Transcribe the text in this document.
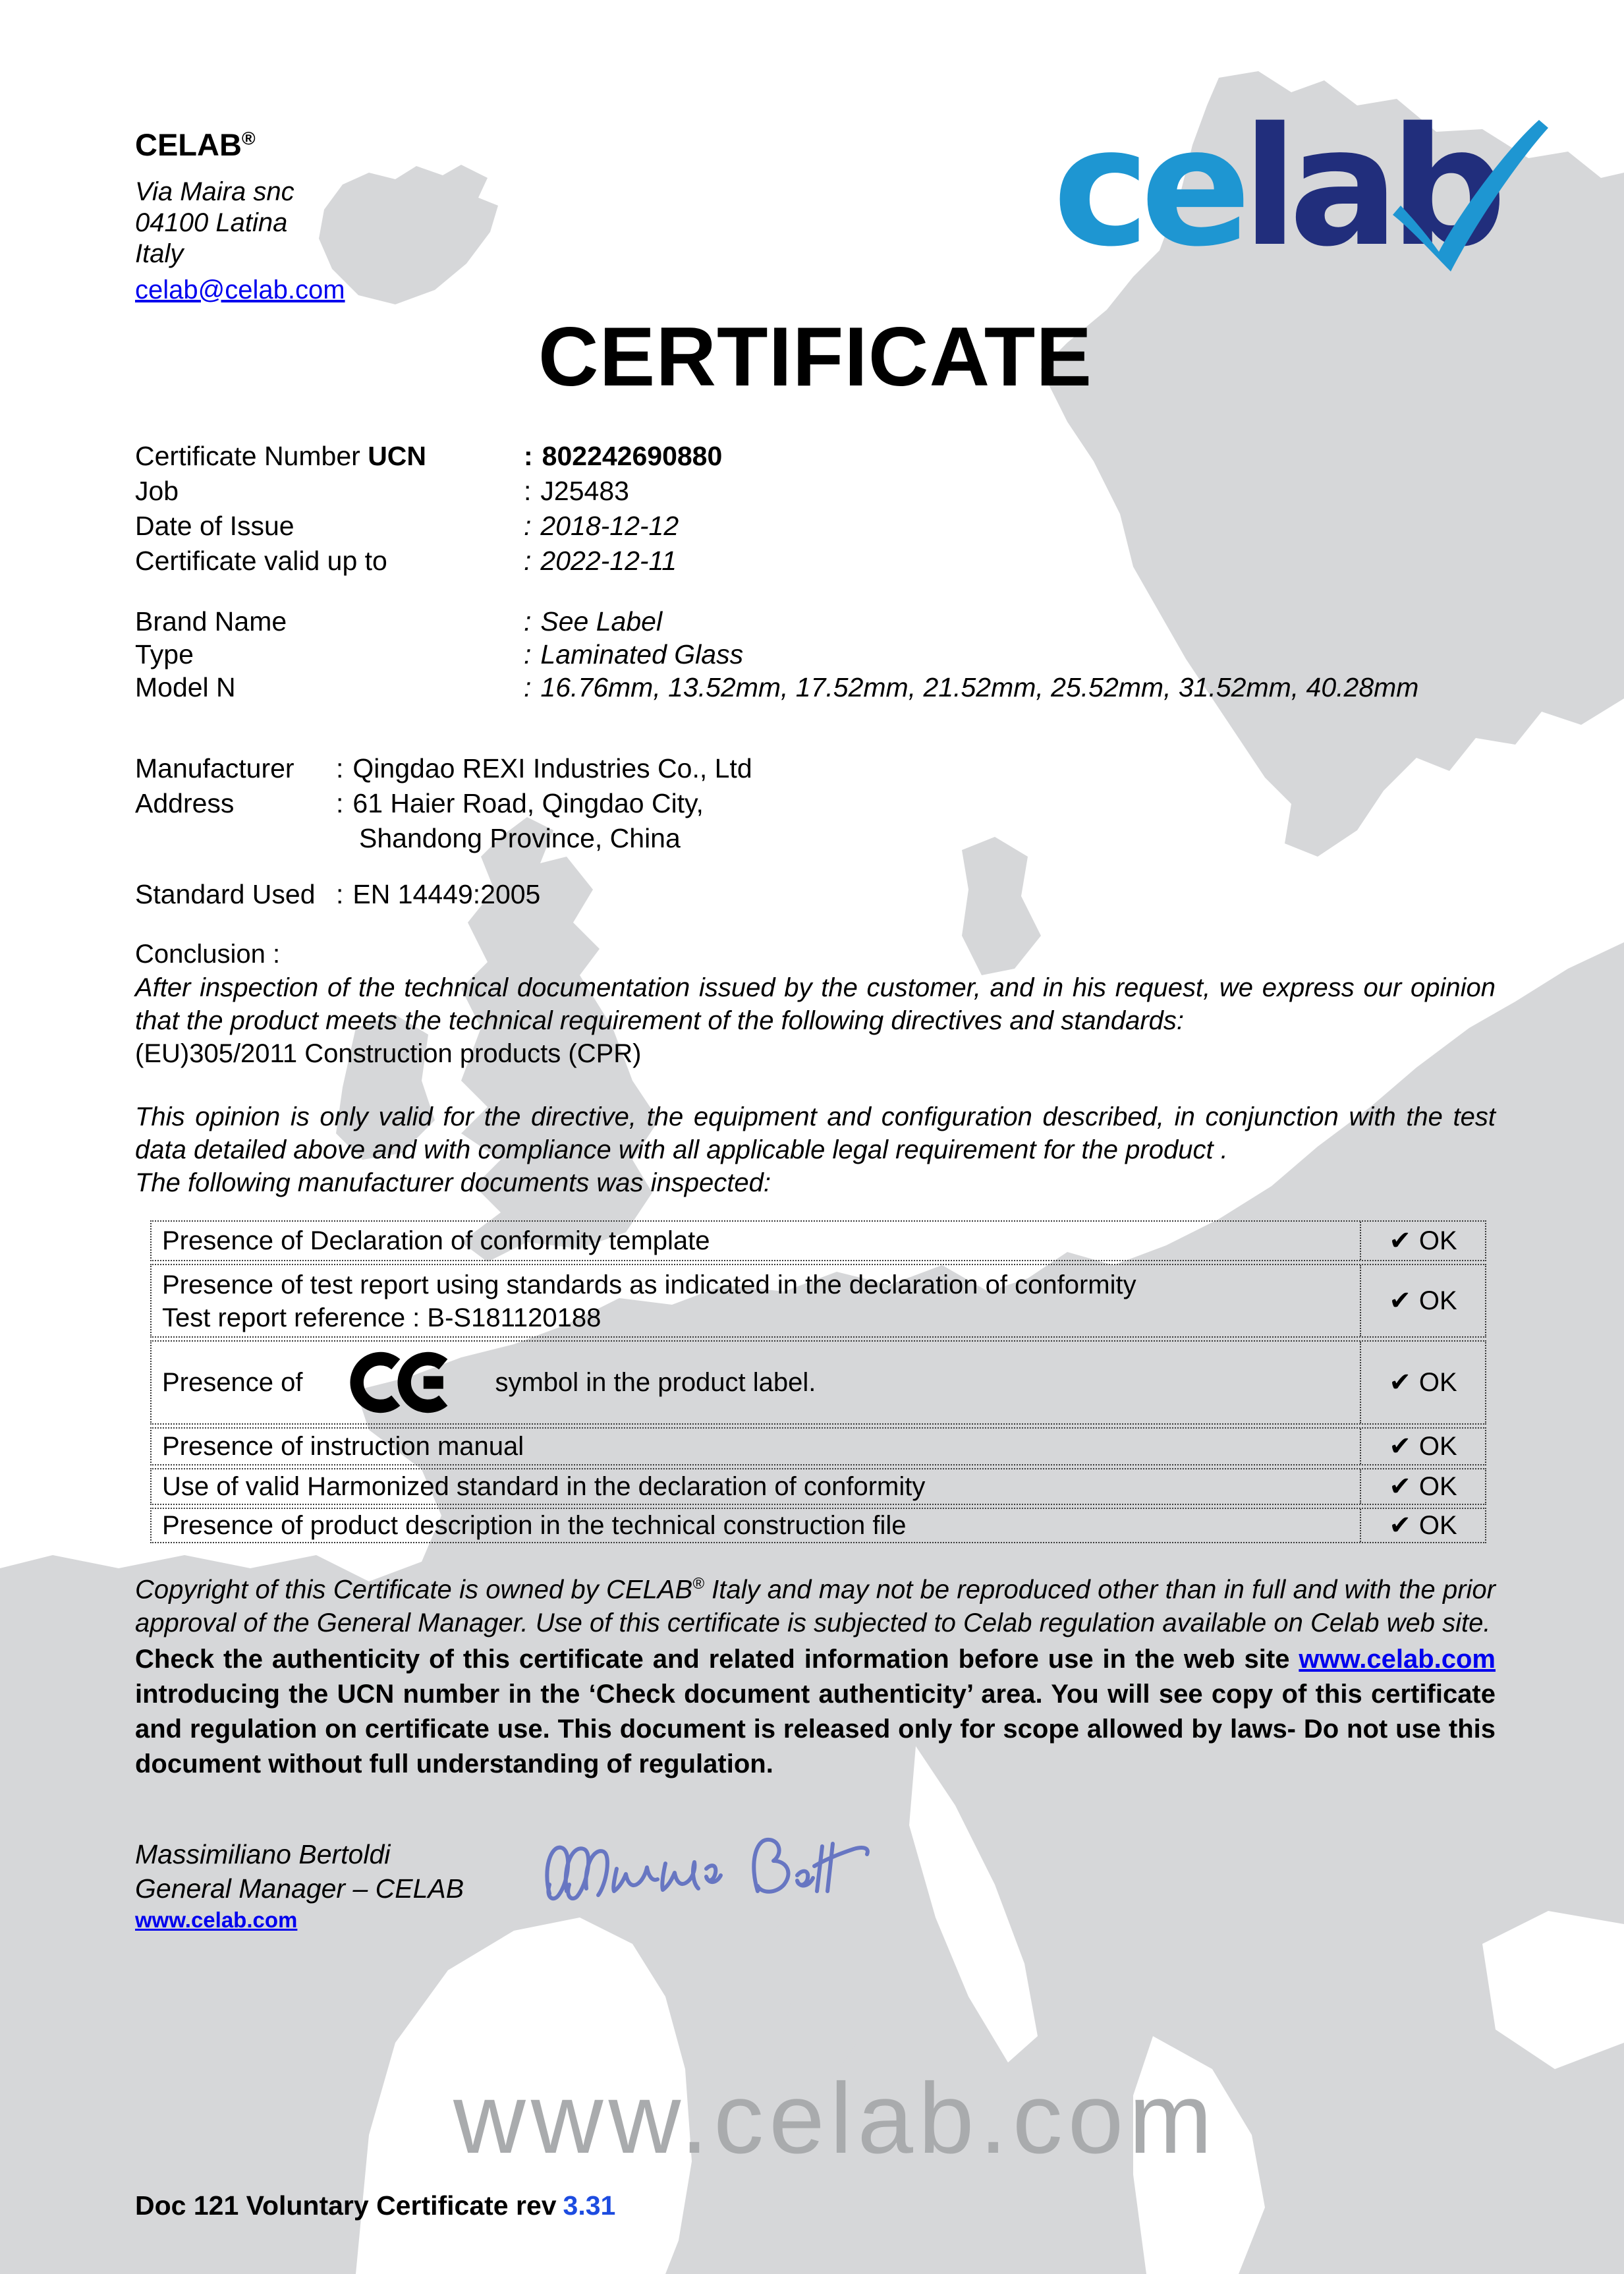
www.celab.com
CELAB®
Via Maira snc
04100 Latina
Italy
celab@celab.com
celab
CERTIFICATE
Certificate Number UCN	: 802242690880
Job	: J25483
Date of Issue	: 2018-12-12
Certificate valid up to	: 2022-12-11
Brand Name	: See Label
Type	: Laminated Glass
Model N	: 16.76mm, 13.52mm, 17.52mm, 21.52mm, 25.52mm, 31.52mm, 40.28mm
Manufacturer : Qingdao REXI Industries Co., Ltd
Address	: 61 Haier Road, Qingdao City,
Shandong Province, China
Standard Used : EN 14449:2005
Conclusion :
After inspection of the technical documentation issued by the customer, and in his request, we express our opinion that the product meets the technical requirement of the following directives and standards:
(EU)305/2011 Construction products (CPR)
This opinion is only valid for the directive, the equipment and configuration described, in conjunction with the test data detailed above and with compliance with all applicable legal requirement for the product .
The following manufacturer documents was inspected:
Presence of Declaration of conformity template	✔ OK
Presence of test report using standards as indicated in the declaration of conformity
Test report reference : B-S181120188
✔ OK
Presence of	symbol in the product label.	✔ OK
Presence of instruction manual	✔ OK
Use of valid Harmonized standard in the declaration of conformity	✔ OK
Presence of product description in the technical construction file	✔ OK
Copyright of this Certificate is owned by CELAB® Italy and may not be reproduced other than in full and with the prior approval of the General Manager. Use of this certificate is subjected to Celab regulation available on Celab web site.
Check the authenticity of this certificate and related information before use in the web site www.celab.com introducing the UCN number in the ‘Check document authenticity’ area. You will see copy of this certificate and regulation on certificate use. This document is released only for scope allowed by laws- Do not use this document without full understanding of regulation.
Massimiliano Bertoldi
General Manager – CELAB
www.celab.com
Doc 121 Voluntary Certificate rev 3.31
